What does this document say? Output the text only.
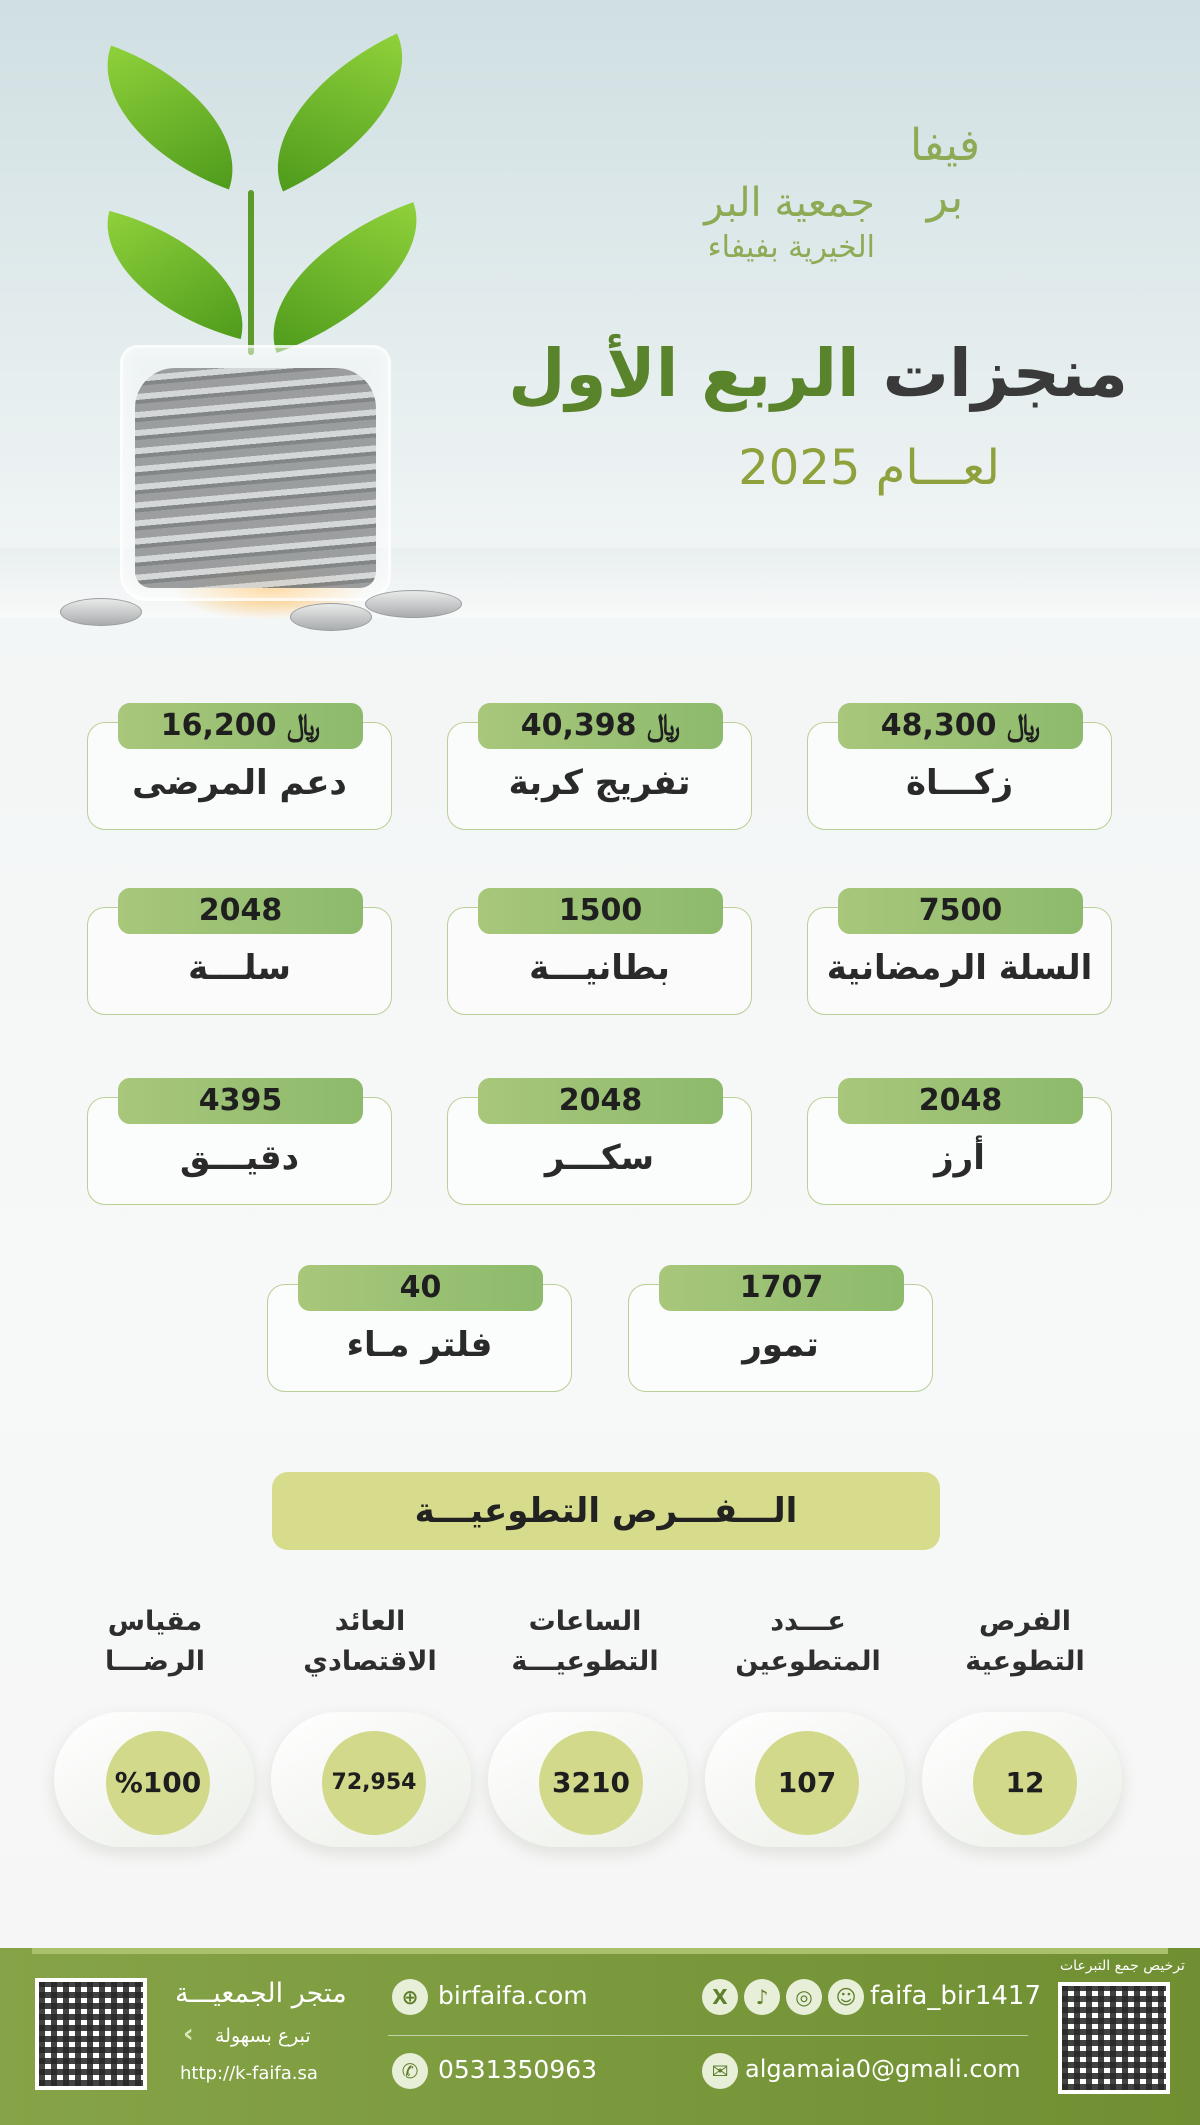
فيفا بر
جمعية البر
الخيرية بفيفاء
منجزات الربع الأول
لعـــام 2025
48,300 ﷼
زكـــاة
40,398 ﷼
تفريج كربة
16,200 ﷼
دعم المرضى
7500
السلة الرمضانية
1500
بطانيـــة
2048
سلـــة
2048
أرز
2048
سكـــر
4395
دقيـــق
1707
تمور
40
فلتر مـاء
الـــفـــرص التطوعيـــة
الفرص
التطوعية
عـــدد
المتطوعين
الساعات
التطوعيـــة
العائد
الاقتصادي
مقياس
الرضـــا
12
107
3210
72,954
%100
ترخيص جمع التبرعات
faifa_bir1417
☺
◎
♪
X
✉ algamaia0@gmali.com
⊕ birfaifa.com
✆ 0531350963
متجر الجمعيـــة
تبرع بسهولة
‹
http://k-faifa.sa
